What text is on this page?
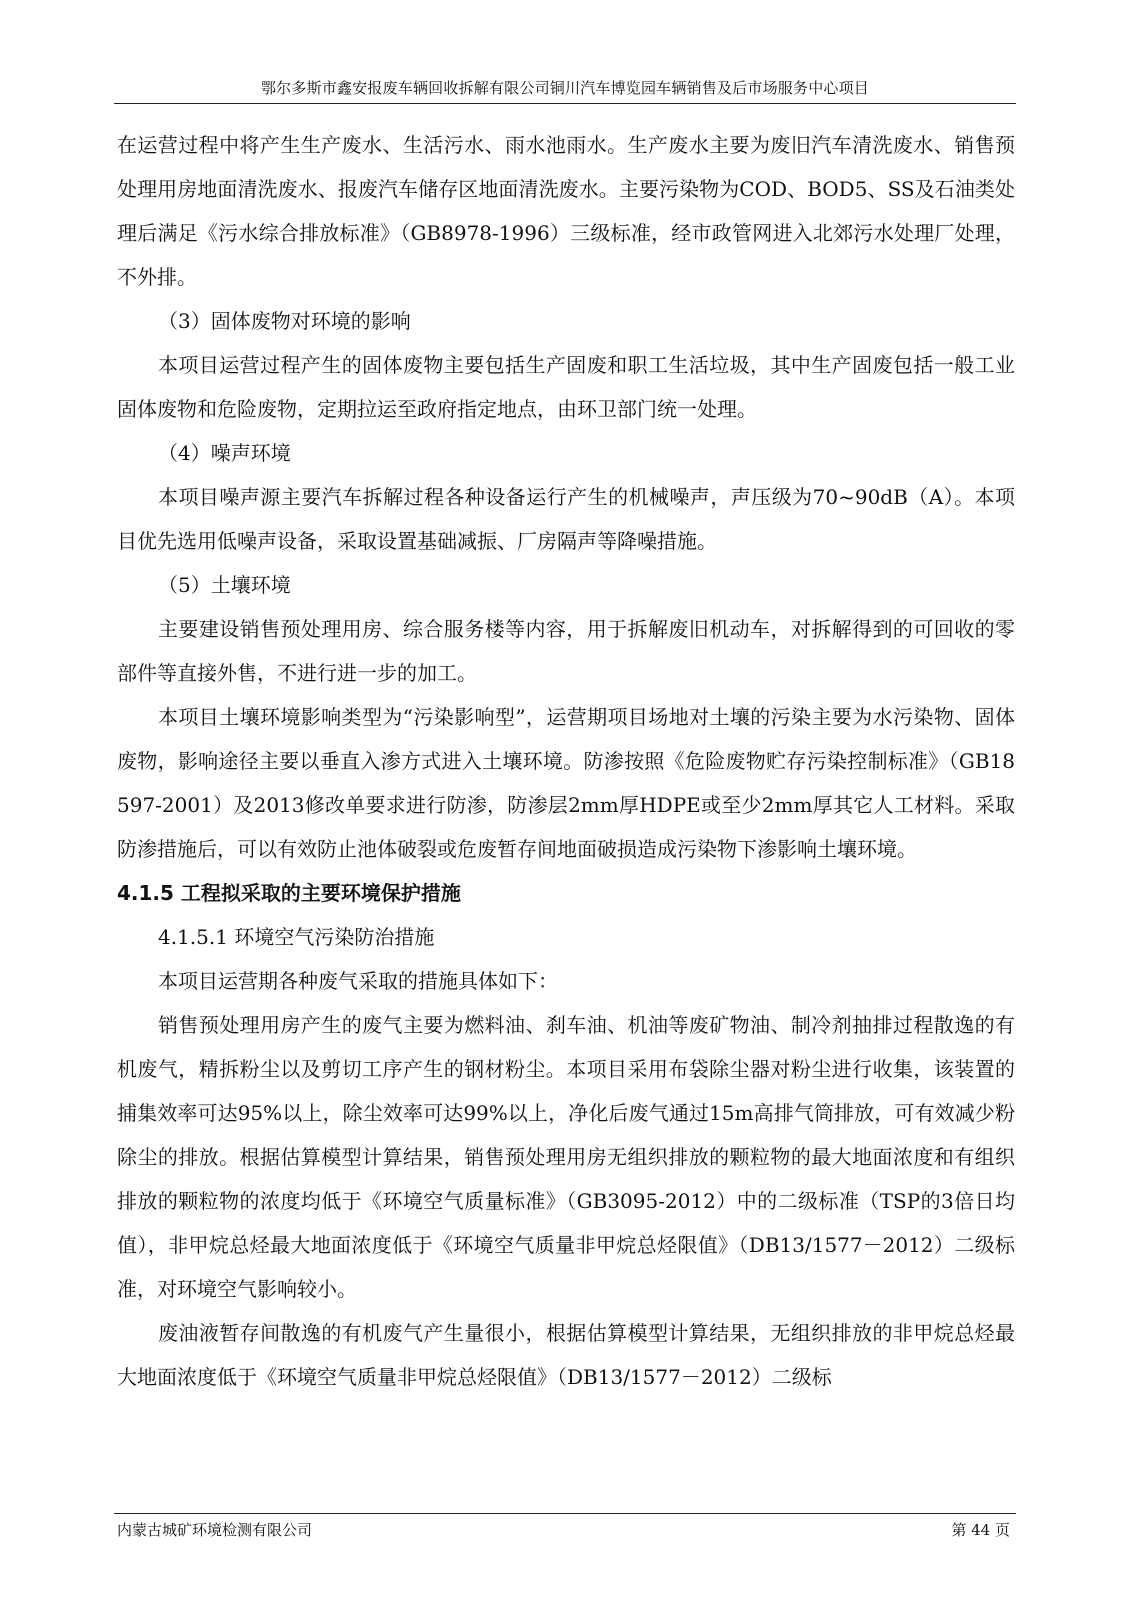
鄂尔多斯市鑫安报废车辆回收拆解有限公司铜川汽车博览园车辆销售及后市场服务中心项目

在运营过程中将产生生产废水、生活污水、雨水池雨水。生产废水主要为废旧汽车清洗废水、销售预处理用房地面清洗废水、报废汽车储存区地面清洗废水。主要污染物为COD、BOD5、SS及石油类处理后满足《污水综合排放标准》（GB8978-1996）三级标准，经市政管网进入北郊污水处理厂处理，不外排。

（3）固体废物对环境的影响

本项目运营过程产生的固体废物主要包括生产固废和职工生活垃圾，其中生产固废包括一般工业固体废物和危险废物，定期拉运至政府指定地点，由环卫部门统一处理。

（4）噪声环境

本项目噪声源主要汽车拆解过程各种设备运行产生的机械噪声，声压级为70~90dB（A）。本项目优先选用低噪声设备，采取设置基础减振、厂房隔声等降噪措施。

（5）土壤环境

主要建设销售预处理用房、综合服务楼等内容，用于拆解废旧机动车，对拆解得到的可回收的零部件等直接外售，不进行进一步的加工。

本项目土壤环境影响类型为“污染影响型”，运营期项目场地对土壤的污染主要为水污染物、固体废物，影响途径主要以垂直入渗方式进入土壤环境。防渗按照《危险废物贮存污染控制标准》（GB18597-2001）及2013修改单要求进行防渗，防渗层2mm厚HDPE或至少2mm厚其它人工材料。采取防渗措施后，可以有效防止池体破裂或危废暂存间地面破损造成污染物下渗影响土壤环境。

4.1.5 工程拟采取的主要环境保护措施

4.1.5.1 环境空气污染防治措施

本项目运营期各种废气采取的措施具体如下：

销售预处理用房产生的废气主要为燃料油、刹车油、机油等废矿物油、制冷剂抽排过程散逸的有机废气，精拆粉尘以及剪切工序产生的钢材粉尘。本项目采用布袋除尘器对粉尘进行收集，该装置的捕集效率可达95%以上，除尘效率可达99%以上，净化后废气通过15m高排气筒排放，可有效减少粉除尘的排放。根据估算模型计算结果，销售预处理用房无组织排放的颗粒物的最大地面浓度和有组织排放的颗粒物的浓度均低于《环境空气质量标准》（GB3095-2012）中的二级标准（TSP的3倍日均值），非甲烷总烃最大地面浓度低于《环境空气质量非甲烷总烃限值》（DB13/1577－2012）二级标准，对环境空气影响较小。

废油液暂存间散逸的有机废气产生量很小，根据估算模型计算结果，无组织排放的非甲烷总烃最大地面浓度低于《环境空气质量非甲烷总烃限值》（DB13/1577－2012）二级标

内蒙古城矿环境检测有限公司	第 44 页
